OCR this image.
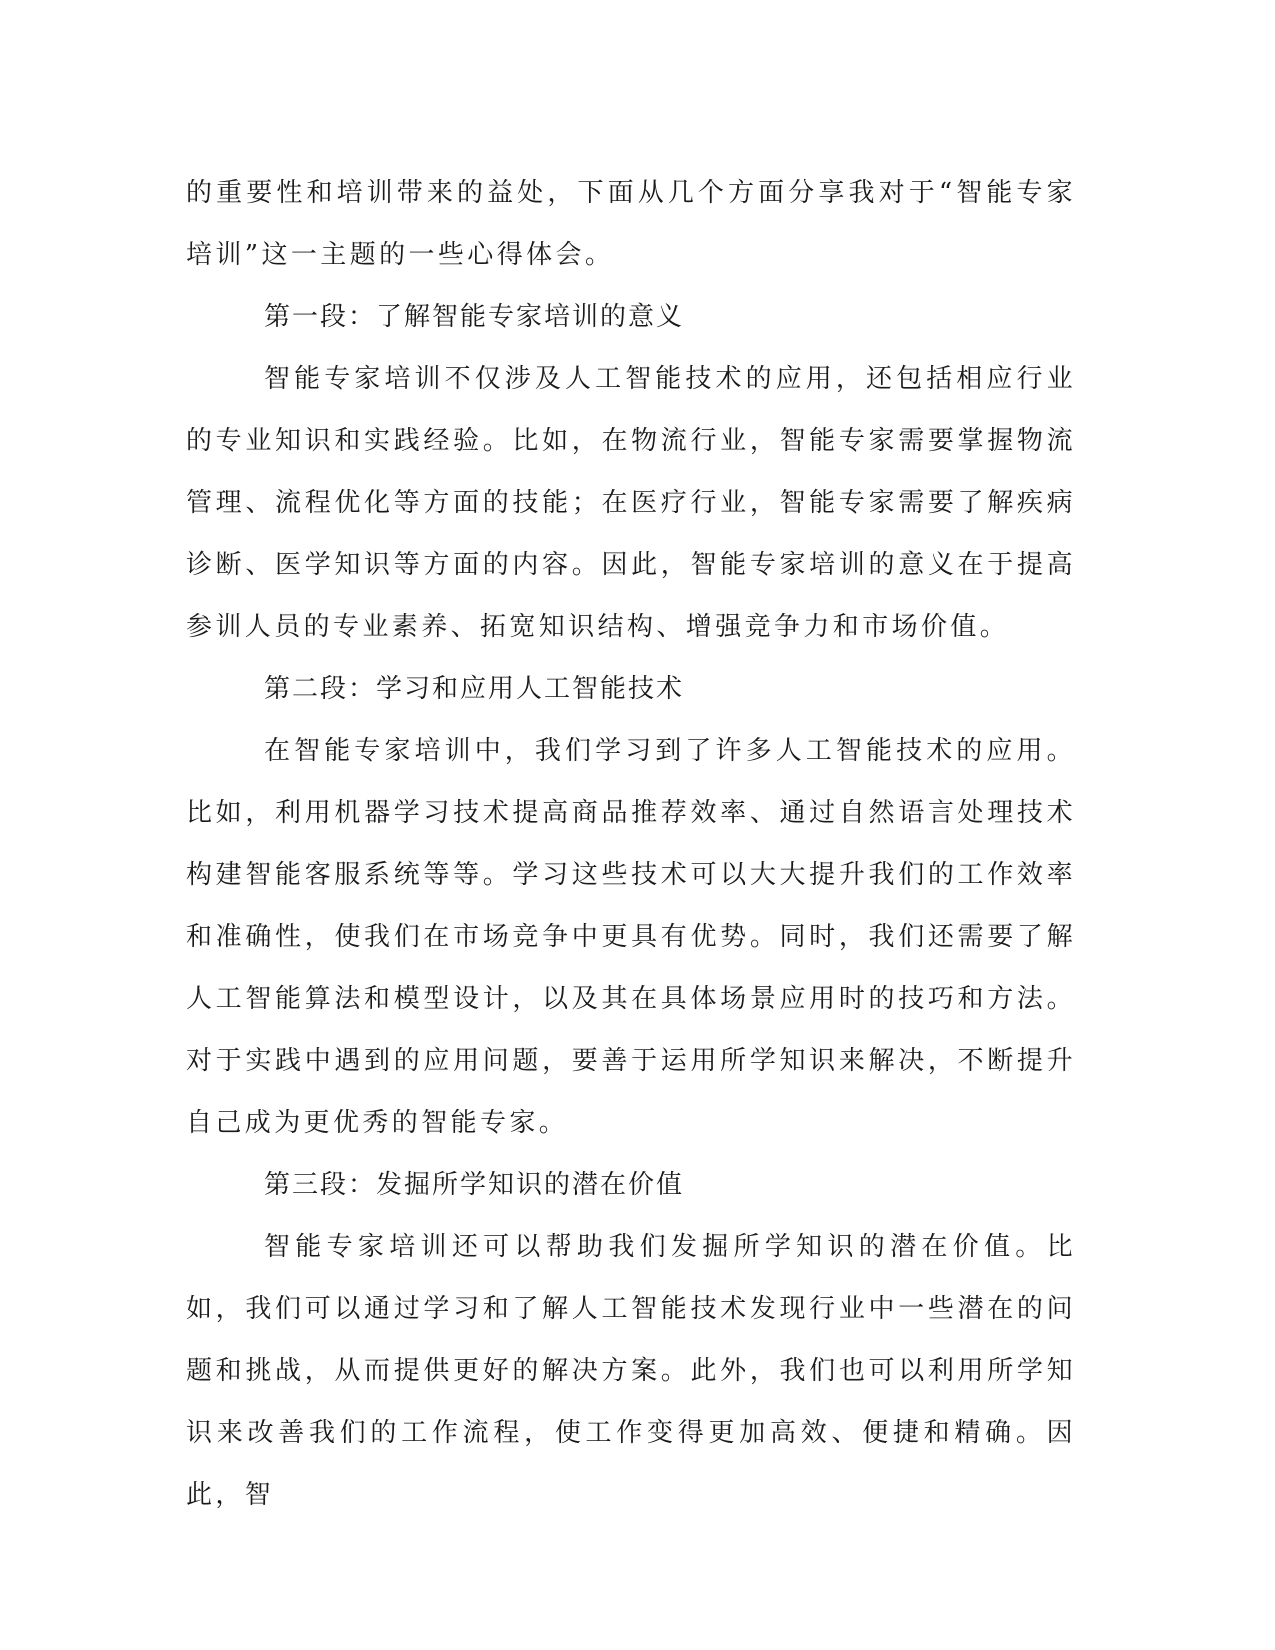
的重要性和培训带来的益处，下面从几个方面分享我对于“智能专家培训”这一主题的一些心得体会。

第一段：了解智能专家培训的意义

智能专家培训不仅涉及人工智能技术的应用，还包括相应行业的专业知识和实践经验。比如，在物流行业，智能专家需要掌握物流管理、流程优化等方面的技能；在医疗行业，智能专家需要了解疾病诊断、医学知识等方面的内容。因此，智能专家培训的意义在于提高参训人员的专业素养、拓宽知识结构、增强竞争力和市场价值。

第二段：学习和应用人工智能技术

在智能专家培训中，我们学习到了许多人工智能技术的应用。比如，利用机器学习技术提高商品推荐效率、通过自然语言处理技术构建智能客服系统等等。学习这些技术可以大大提升我们的工作效率和准确性，使我们在市场竞争中更具有优势。同时，我们还需要了解人工智能算法和模型设计，以及其在具体场景应用时的技巧和方法。对于实践中遇到的应用问题，要善于运用所学知识来解决，不断提升自己成为更优秀的智能专家。

第三段：发掘所学知识的潜在价值

智能专家培训还可以帮助我们发掘所学知识的潜在价值。比如，我们可以通过学习和了解人工智能技术发现行业中一些潜在的问题和挑战，从而提供更好的解决方案。此外，我们也可以利用所学知识来改善我们的工作流程，使工作变得更加高效、便捷和精确。因此，智
